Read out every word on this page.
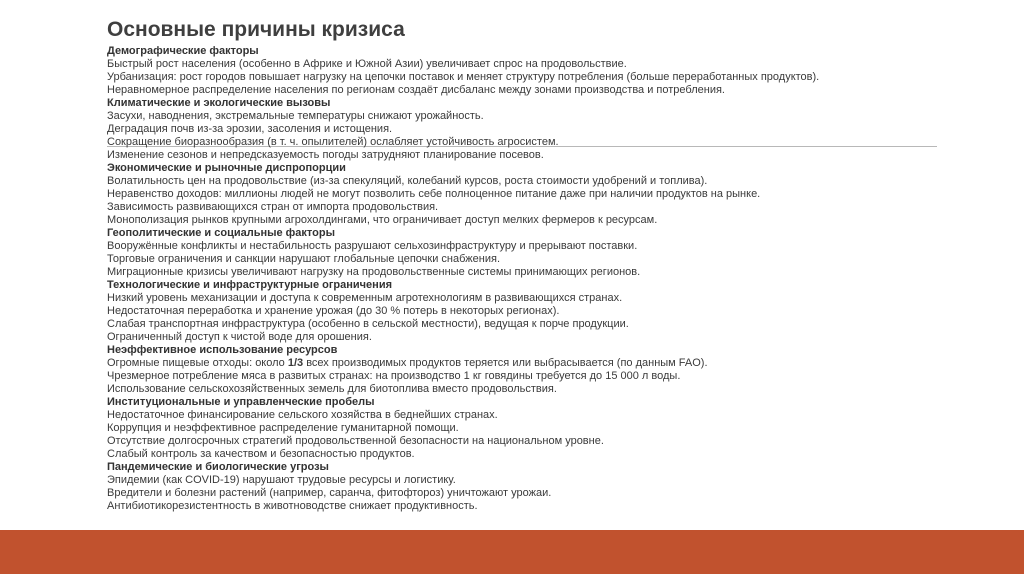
Основные причины кризиса
Демографические факторы
Быстрый рост населения (особенно в Африке и Южной Азии) увеличивает спрос на продовольствие.
Урбанизация: рост городов повышает нагрузку на цепочки поставок и меняет структуру потребления (больше переработанных продуктов).
Неравномерное распределение населения по регионам создаёт дисбаланс между зонами производства и потребления.
Климатические и экологические вызовы
Засухи, наводнения, экстремальные температуры снижают урожайность.
Деградация почв из-за эрозии, засоления и истощения.
Сокращение биоразнообразия (в т. ч. опылителей) ослабляет устойчивость агросистем.
Изменение сезонов и непредсказуемость погоды затрудняют планирование посевов.
Экономические и рыночные диспропорции
Волатильность цен на продовольствие (из-за спекуляций, колебаний курсов, роста стоимости удобрений и топлива).
Неравенство доходов: миллионы людей не могут позволить себе полноценное питание даже при наличии продуктов на рынке.
Зависимость развивающихся стран от импорта продовольствия.
Монополизация рынков крупными агрохолдингами, что ограничивает доступ мелких фермеров к ресурсам.
Геополитические и социальные факторы
Вооружённые конфликты и нестабильность разрушают сельхозинфраструктуру и прерывают поставки.
Торговые ограничения и санкции нарушают глобальные цепочки снабжения.
Миграционные кризисы увеличивают нагрузку на продовольственные системы принимающих регионов.
Технологические и инфраструктурные ограничения
Низкий уровень механизации и доступа к современным агротехнологиям в развивающихся странах.
Недостаточная переработка и хранение урожая (до 30 % потерь в некоторых регионах).
Слабая транспортная инфраструктура (особенно в сельской местности), ведущая к порче продукции.
Ограниченный доступ к чистой воде для орошения.
Неэффективное использование ресурсов
Огромные пищевые отходы: около 1/3 всех производимых продуктов теряется или выбрасывается (по данным FAO).
Чрезмерное потребление мяса в развитых странах: на производство 1 кг говядины требуется до 15 000 л воды.
Использование сельскохозяйственных земель для биотоплива вместо продовольствия.
Институциональные и управленческие пробелы
Недостаточное финансирование сельского хозяйства в беднейших странах.
Коррупция и неэффективное распределение гуманитарной помощи.
Отсутствие долгосрочных стратегий продовольственной безопасности на национальном уровне.
Слабый контроль за качеством и безопасностью продуктов.
Пандемические и биологические угрозы
Эпидемии (как COVID-19) нарушают трудовые ресурсы и логистику.
Вредители и болезни растений (например, саранча, фитофтороз) уничтожают урожаи.
Антибиотикорезистентность в животноводстве снижает продуктивность.
